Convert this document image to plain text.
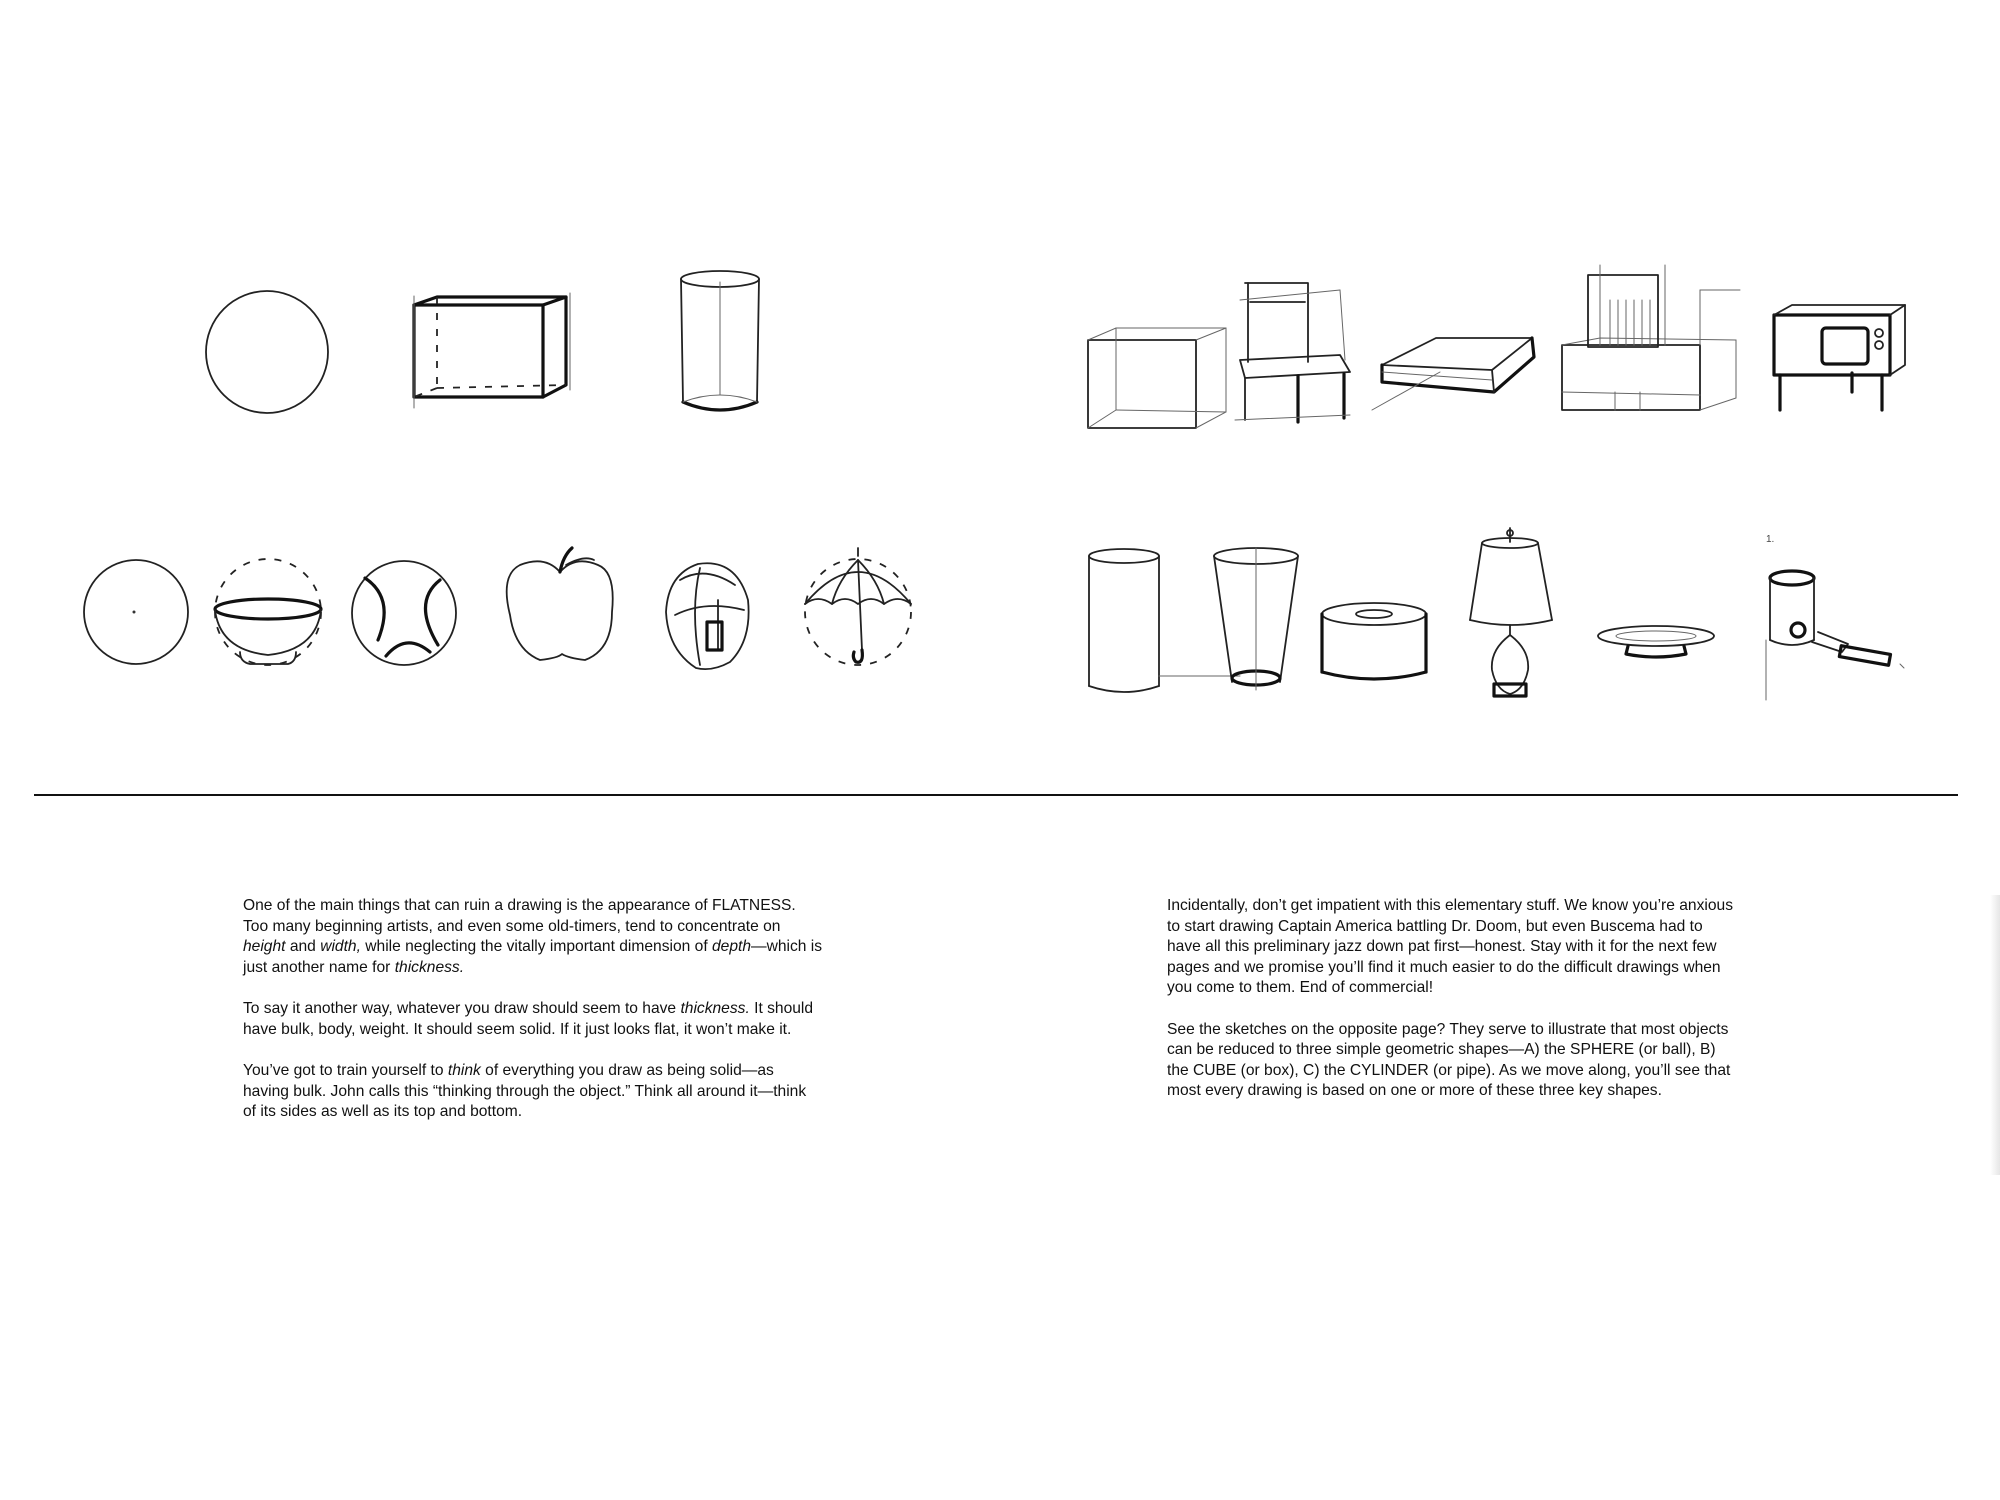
1.

One of the main things that can ruin a drawing is the appearance of FLATNESS. Too many beginning artists, and even some old-timers, tend to concentrate on height and width, while neglecting the vitally important dimension of depth—which is just another name for thickness.

To say it another way, whatever you draw should seem to have thickness. It should have bulk, body, weight. It should seem solid. If it just looks flat, it won’t make it.

You’ve got to train yourself to think of everything you draw as being solid—as having bulk. John calls this “thinking through the object.” Think all around it—think of its sides as well as its top and bottom.

Incidentally, don’t get impatient with this elementary stuff. We know you’re anxious to start drawing Captain America battling Dr. Doom, but even Buscema had to have all this preliminary jazz down pat first—honest. Stay with it for the next few pages and we promise you’ll find it much easier to do the difficult drawings when you come to them. End of commercial!

See the sketches on the opposite page? They serve to illustrate that most objects can be reduced to three simple geometric shapes—A) the SPHERE (or ball), B) the CUBE (or box), C) the CYLINDER (or pipe). As we move along, you’ll see that most every drawing is based on one or more of these three key shapes.
